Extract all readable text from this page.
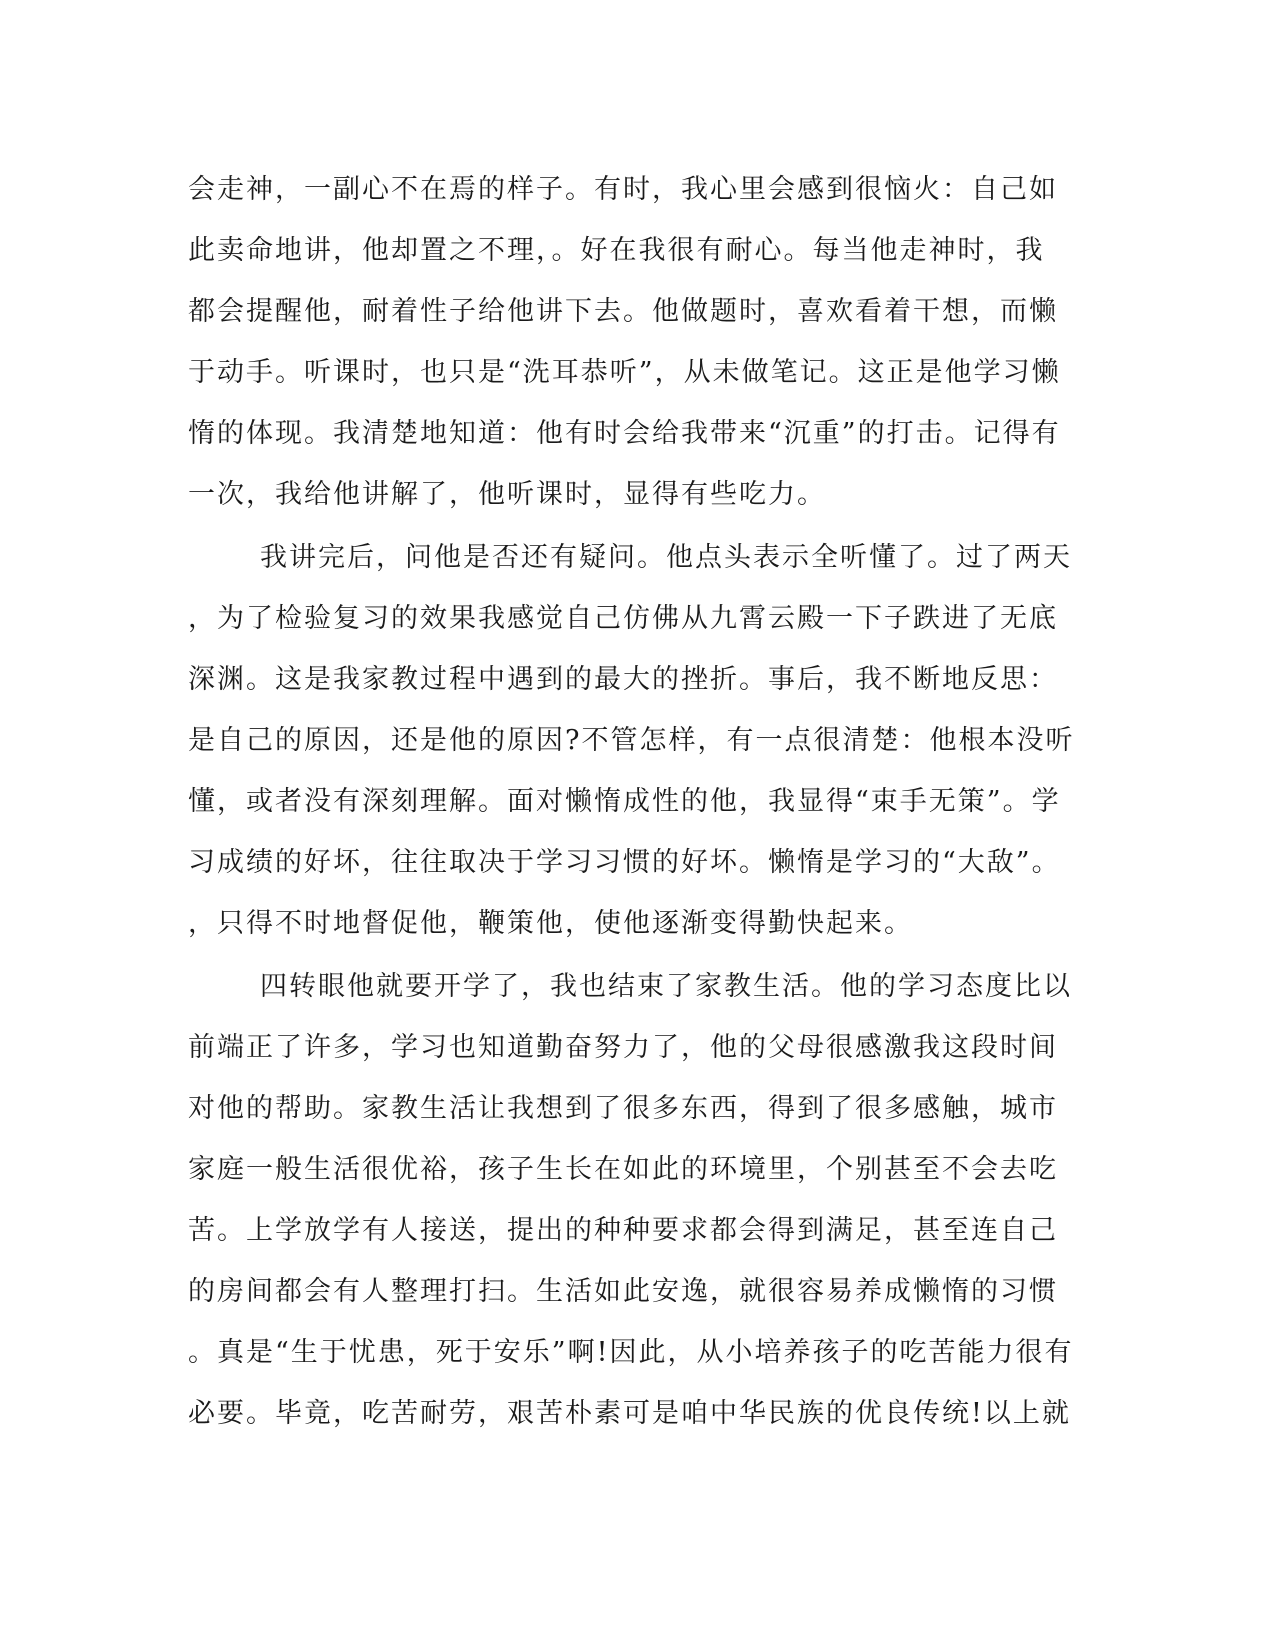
会走神，一副心不在焉的样子。有时，我心里会感到很恼火：自己如
此卖命地讲，他却置之不理，。好在我很有耐心。每当他走神时，我
都会提醒他，耐着性子给他讲下去。他做题时，喜欢看着干想，而懒
于动手。听课时，也只是“洗耳恭听”，从未做笔记。这正是他学习懒
惰的体现。我清楚地知道：他有时会给我带来“沉重”的打击。记得有
一次，我给他讲解了，他听课时，显得有些吃力。
我讲完后，问他是否还有疑问。他点头表示全听懂了。过了两天
，为了检验复习的效果我感觉自己仿佛从九霄云殿一下子跌进了无底
深渊。这是我家教过程中遇到的最大的挫折。事后，我不断地反思：
是自己的原因，还是他的原因?不管怎样，有一点很清楚：他根本没听
懂，或者没有深刻理解。面对懒惰成性的他，我显得“束手无策”。学
习成绩的好坏，往往取决于学习习惯的好坏。懒惰是学习的“大敌”。
，只得不时地督促他，鞭策他，使他逐渐变得勤快起来。
四转眼他就要开学了，我也结束了家教生活。他的学习态度比以
前端正了许多，学习也知道勤奋努力了，他的父母很感激我这段时间
对他的帮助。家教生活让我想到了很多东西，得到了很多感触，城市
家庭一般生活很优裕，孩子生长在如此的环境里，个别甚至不会去吃
苦。上学放学有人接送，提出的种种要求都会得到满足，甚至连自己
的房间都会有人整理打扫。生活如此安逸，就很容易养成懒惰的习惯
。真是“生于忧患，死于安乐”啊!因此，从小培养孩子的吃苦能力很有
必要。毕竟，吃苦耐劳，艰苦朴素可是咱中华民族的优良传统!以上就
